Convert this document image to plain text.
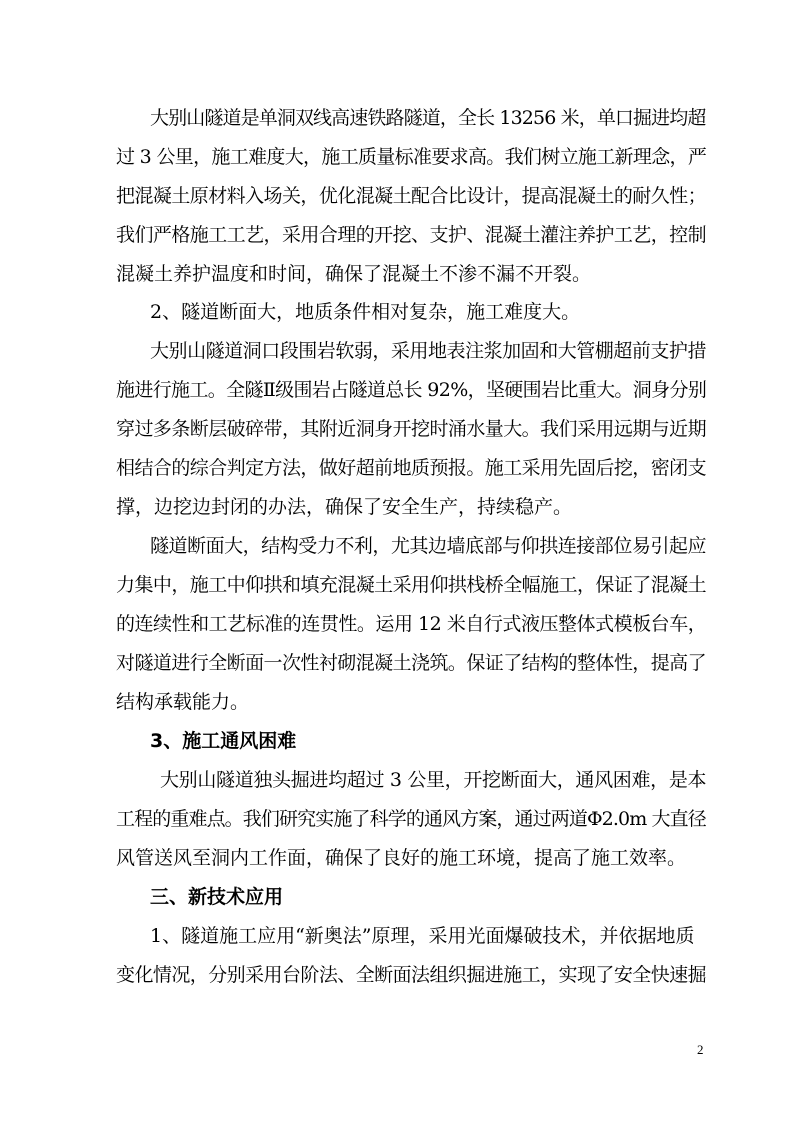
大别山隧道是单洞双线高速铁路隧道，全长 13256 米，单口掘进均超
过 3 公里，施工难度大，施工质量标准要求高。我们树立施工新理念，严
把混凝土原材料入场关，优化混凝土配合比设计，提高混凝土的耐久性；
我们严格施工工艺，采用合理的开挖、支护、混凝土灌注养护工艺，控制
混凝土养护温度和时间，确保了混凝土不渗不漏不开裂。
2、隧道断面大，地质条件相对复杂，施工难度大。
大别山隧道洞口段围岩软弱，采用地表注浆加固和大管棚超前支护措
施进行施工。全隧Ⅱ级围岩占隧道总长 92%，坚硬围岩比重大。洞身分别
穿过多条断层破碎带，其附近洞身开挖时涌水量大。我们采用远期与近期
相结合的综合判定方法，做好超前地质预报。施工采用先固后挖，密闭支
撑，边挖边封闭的办法，确保了安全生产，持续稳产。
隧道断面大，结构受力不利，尤其边墙底部与仰拱连接部位易引起应
力集中，施工中仰拱和填充混凝土采用仰拱栈桥全幅施工，保证了混凝土
的连续性和工艺标准的连贯性。运用 12 米自行式液压整体式模板台车，
对隧道进行全断面一次性衬砌混凝土浇筑。保证了结构的整体性，提高了
结构承载能力。
3、施工通风困难
大别山隧道独头掘进均超过 3 公里，开挖断面大，通风困难，是本
工程的重难点。我们研究实施了科学的通风方案，通过两道Φ2.0m 大直径
风管送风至洞内工作面，确保了良好的施工环境，提高了施工效率。
三、新技术应用
1、隧道施工应用“新奥法”原理，采用光面爆破技术，并依据地质
变化情况，分别采用台阶法、全断面法组织掘进施工，实现了安全快速掘
2
